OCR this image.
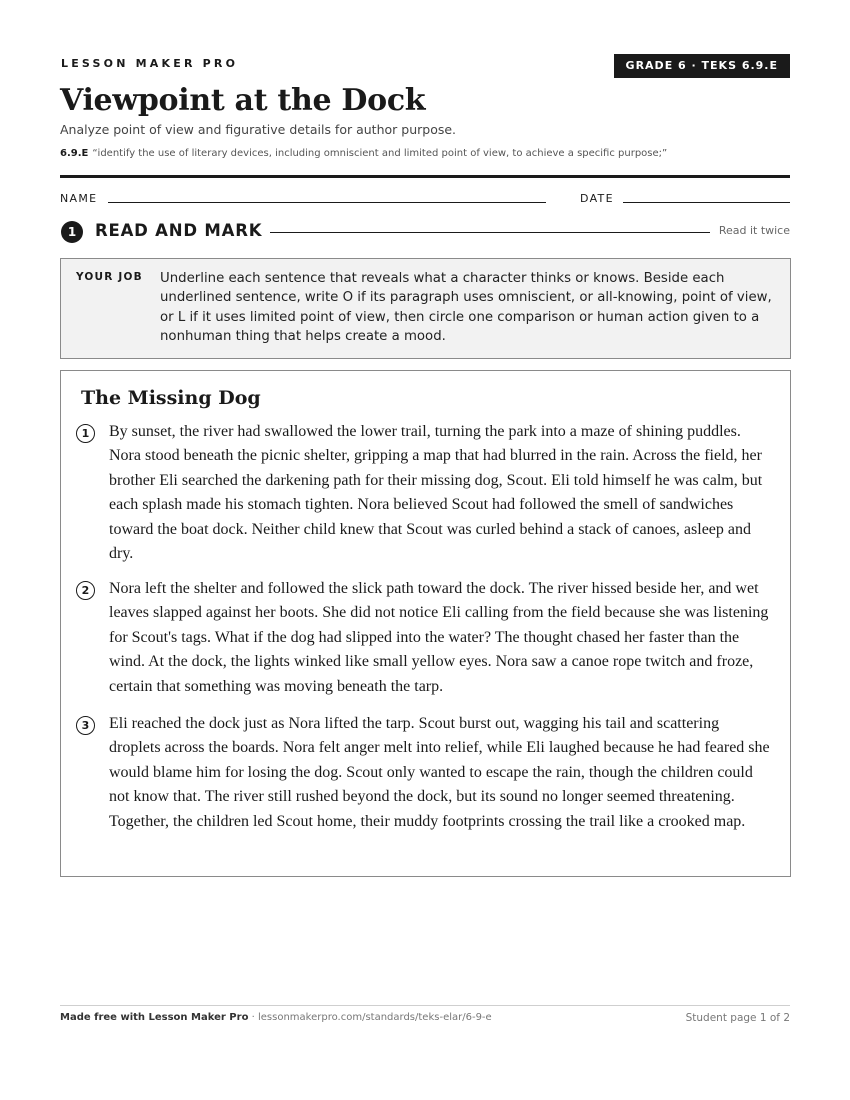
LESSON MAKER PRO	GRADE 6 · TEKS 6.9.E
Viewpoint at the Dock
Analyze point of view and figurative details for author purpose.
6.9.E “identify the use of literary devices, including omniscient and limited point of view, to achieve a specific purpose;”
NAME	DATE
1	READ AND MARK	Read it twice
YOUR JOB Underline each sentence that reveals what a character thinks or knows. Beside each underlined sentence, write O if its paragraph uses omniscient, or all-knowing, point of view, or L if it uses limited point of view, then circle one comparison or human action given to a nonhuman thing that helps create a mood.
The Missing Dog
1	By sunset, the river had swallowed the lower trail, turning the park into a maze of shining puddles. Nora stood beneath the picnic shelter, gripping a map that had blurred in the rain. Across the field, her brother Eli searched the darkening path for their missing dog, Scout. Eli told himself he was calm, but each splash made his stomach tighten. Nora believed Scout had followed the smell of sandwiches toward the boat dock. Neither child knew that Scout was curled behind a stack of canoes, asleep and dry.

2	Nora left the shelter and followed the slick path toward the dock. The river hissed beside her, and wet leaves slapped against her boots. She did not notice Eli calling from the field because she was listening for Scout's tags. What if the dog had slipped into the water? The thought chased her faster than the wind. At the dock, the lights winked like small yellow eyes. Nora saw a canoe rope twitch and froze, certain that something was moving beneath the tarp.

3	Eli reached the dock just as Nora lifted the tarp. Scout burst out, wagging his tail and scattering droplets across the boards. Nora felt anger melt into relief, while Eli laughed because he had feared she would blame him for losing the dog. Scout only wanted to escape the rain, though the children could not know that. The river still rushed beyond the dock, but its sound no longer seemed threatening. Together, the children led Scout home, their muddy footprints crossing the trail like a crooked map.

Made free with Lesson Maker Pro · lessonmakerpro.com/standards/teks-elar/6-9-e	Student page 1 of 2
